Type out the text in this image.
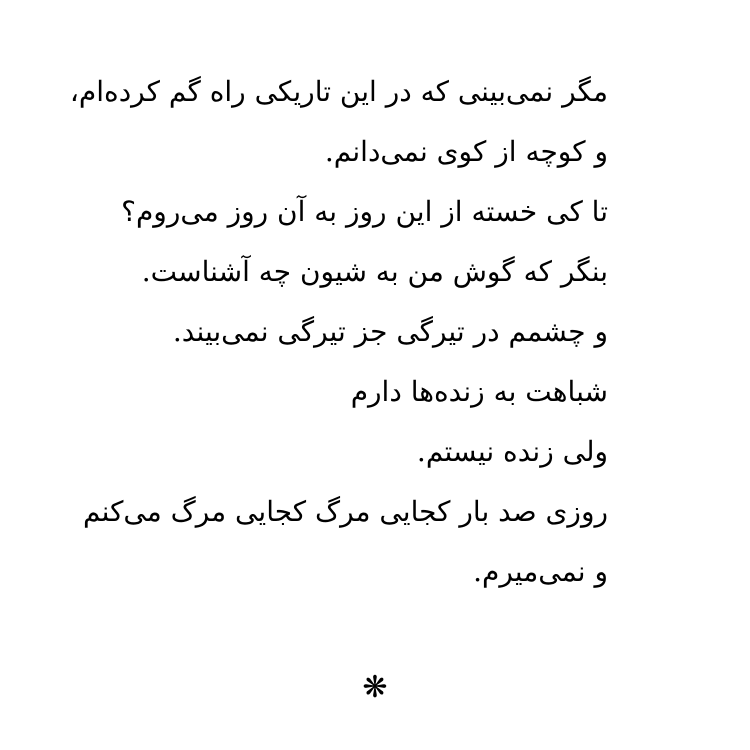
مگر نمی‌بینی که در این تاریکی راه گم کرده‌ام،
و کوچه از کوی نمی‌دانم.
تا کی خسته از این روز به آن روز می‌روم؟
بنگر که گوش من به شیون چه آشناست.
و چشمم در تیرگی جز تیرگی نمی‌بیند.
شباهت به زنده‌ها دارم
ولی زنده نیستم.
روزی صد بار کجایی مرگ کجایی مرگ می‌کنم
و نمی‌میرم.
❋
